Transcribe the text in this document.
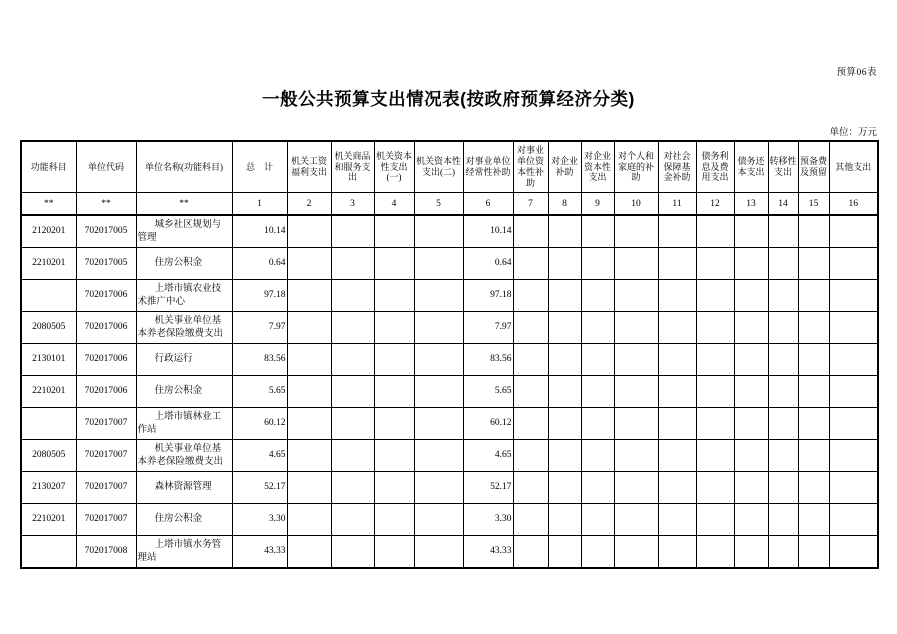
预算06表
一般公共预算支出情况表(按政府预算经济分类)
单位：万元
功能科目	单位代码	单位名称(功能科目)	总　计	机关工资福利支出	机关商品和服务支出	机关资本性支出(一)	机关资本性支出(二)	对事业单位经常性补助	对事业单位资本性补助	对企业补助	对企业资本性支出	对个人和家庭的补助	对社会保障基金补助	债务利息及费用支出	债务还本支出	转移性支出	预备费及预留	其他支出
**	**	**	1	2	3	4	5	6	7	8	9	10	11	12	13	14	15	16
2120201	702017005	城乡社区规划与管理	10.14					10.14										
2210201	702017005	住房公积金	0.64					0.64										
	702017006	上塔市镇农业技术推广中心	97.18					97.18										
2080505	702017006	机关事业单位基本养老保险缴费支出	7.97					7.97										
2130101	702017006	行政运行	83.56					83.56										
2210201	702017006	住房公积金	5.65					5.65										
	702017007	上塔市镇林业工作站	60.12					60.12										
2080505	702017007	机关事业单位基本养老保险缴费支出	4.65					4.65										
2130207	702017007	森林资源管理	52.17					52.17										
2210201	702017007	住房公积金	3.30					3.30										
	702017008	上塔市镇水务管理站	43.33					43.33										
